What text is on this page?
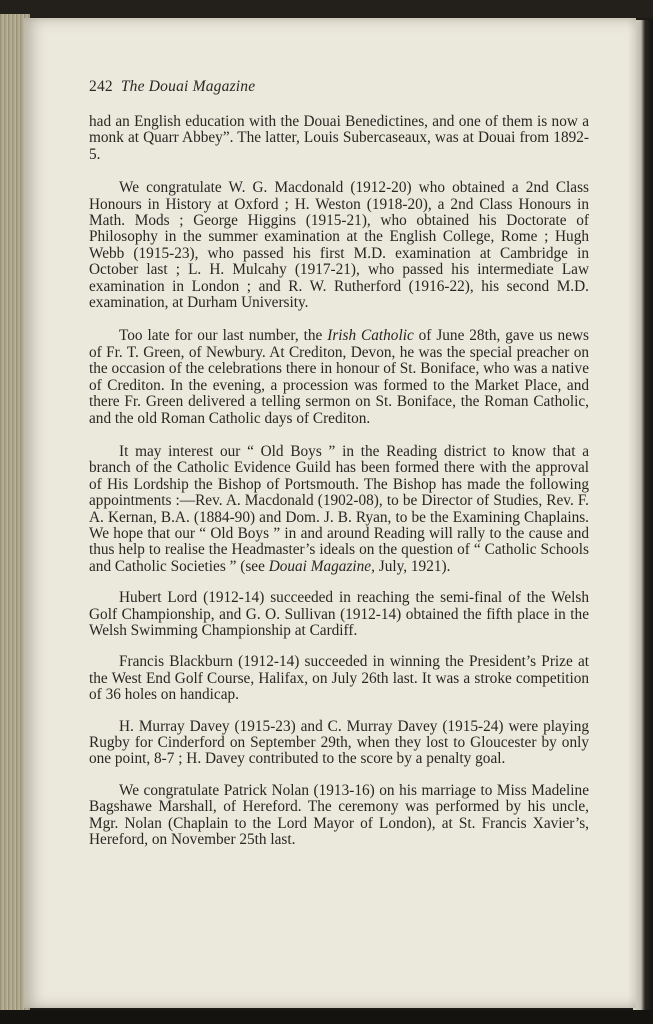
242 The Douai Magazine

had an English education with the Douai Benedictines, and one of them is now a monk at Quarr Abbey”. The latter, Louis Subercaseaux, was at Douai from 1892-5.

We congratulate W. G. Macdonald (1912-20) who obtained a 2nd Class Honours in History at Oxford ; H. Weston (1918-20), a 2nd Class Honours in Math. Mods ; George Higgins (1915-21), who obtained his Doctorate of Philosophy in the summer examination at the English College, Rome ; Hugh Webb (1915-23), who passed his first M.D. examination at Cambridge in October last ; L. H. Mulcahy (1917-21), who passed his intermediate Law examination in London ; and R. W. Rutherford (1916-22), his second M.D. examination, at Durham University.

Too late for our last number, the Irish Catholic of June 28th, gave us news of Fr. T. Green, of Newbury. At Crediton, Devon, he was the special preacher on the occasion of the celebrations there in honour of St. Boniface, who was a native of Crediton. In the evening, a procession was formed to the Market Place, and there Fr. Green delivered a telling sermon on St. Boniface, the Roman Catholic, and the old Roman Catholic days of Crediton.

It may interest our “ Old Boys ” in the Reading district to know that a branch of the Catholic Evidence Guild has been formed there with the approval of His Lordship the Bishop of Portsmouth. The Bishop has made the following appointments :—Rev. A. Macdonald (1902-08), to be Director of Studies, Rev. F. A. Kernan, B.A. (1884-90) and Dom. J. B. Ryan, to be the Examining Chaplains. We hope that our “ Old Boys ” in and around Reading will rally to the cause and thus help to realise the Headmaster’s ideals on the question of “ Catholic Schools and Catholic Societies ” (see Douai Magazine, July, 1921).

Hubert Lord (1912-14) succeeded in reaching the semi-final of the Welsh Golf Championship, and G. O. Sullivan (1912-14) obtained the fifth place in the Welsh Swimming Championship at Cardiff.

Francis Blackburn (1912-14) succeeded in winning the President’s Prize at the West End Golf Course, Halifax, on July 26th last. It was a stroke competition of 36 holes on handicap.

H. Murray Davey (1915-23) and C. Murray Davey (1915-24) were playing Rugby for Cinderford on September 29th, when they lost to Gloucester by only one point, 8-7 ; H. Davey contributed to the score by a penalty goal.

We congratulate Patrick Nolan (1913-16) on his marriage to Miss Madeline Bagshawe Marshall, of Hereford. The ceremony was performed by his uncle, Mgr. Nolan (Chaplain to the Lord Mayor of London), at St. Francis Xavier’s, Hereford, on November 25th last.
